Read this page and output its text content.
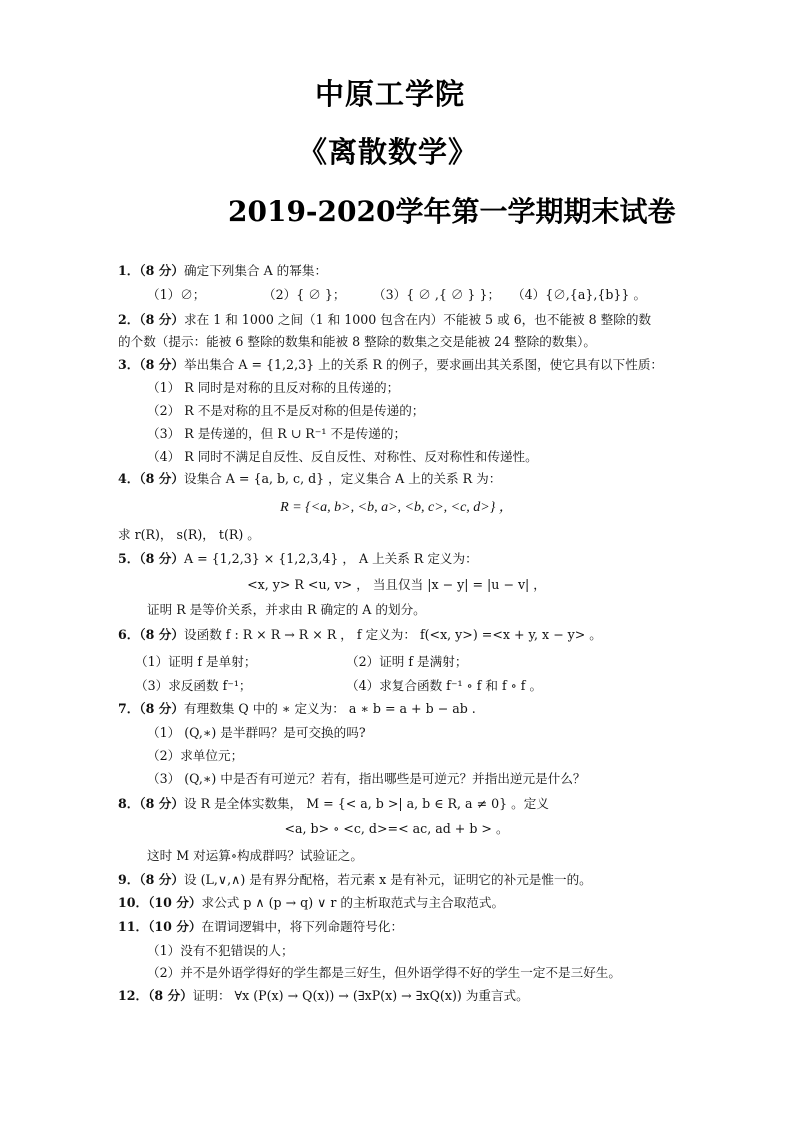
中原工学院
《离散数学》
2019-2020学年第一学期期末试卷
1．（8 分）确定下列集合 A 的幂集：
（1）∅；	（2）{ ∅ }； （3）{ ∅ ,{ ∅ } }； （4）{∅,{a},{b}} 。
2．（8 分）求在 1 和 1000 之间（1 和 1000 包含在内）不能被 5 或 6，也不能被 8 整除的数
的个数（提示：能被 6 整除的数集和能被 8 整除的数集之交是能被 24 整除的数集）。
3．（8 分）举出集合 A = {1,2,3} 上的关系 R 的例子，要求画出其关系图，使它具有以下性质：
（1） R 同时是对称的且反对称的且传递的；
（2） R 不是对称的且不是反对称的但是传递的；
（3） R 是传递的，但 R ∪ R⁻¹ 不是传递的；
（4） R 同时不满足自反性、反自反性、对称性、反对称性和传递性。
4．（8 分）设集合 A = {a, b, c, d} ，定义集合 A 上的关系 R 为：
R = {<a, b>, <b, a>, <b, c>, <c, d>} ，
求 r(R)， s(R)， t(R) 。
5．（8 分）A = {1,2,3} × {1,2,3,4} ， A 上关系 R 定义为：
<x, y> R <u, v> ， 当且仅当 |x − y| = |u − v| ，
证明 R 是等价关系，并求由 R 确定的 A 的划分。
6．（8 分）设函数 f : R × R → R × R ， f 定义为： f(<x, y>) =<x + y, x − y> 。
（1）证明 f 是单射；	（2）证明 f 是满射；
（3）求反函数 f⁻¹；	（4）求复合函数 f⁻¹ ∘ f 和 f ∘ f 。
7．（8 分）有理数集 Q 中的 ∗ 定义为： a ∗ b = a + b − ab .
（1） (Q,∗) 是半群吗？是可交换的吗?
（2）求单位元；
（3） (Q,∗) 中是否有可逆元？若有，指出哪些是可逆元？并指出逆元是什么？
8．（8 分）设 R 是全体实数集， M = {< a, b >| a, b ∈ R, a ≠ 0} 。定义
<a, b> ∘ <c, d>=< ac, ad + b > 。
这时 M 对运算∘构成群吗？试验证之。
9．（8 分）设 (L,∨,∧) 是有界分配格，若元素 x 是有补元，证明它的补元是惟一的。
10．（10 分）求公式 p ∧ (p → q) ∨ r 的主析取范式与主合取范式。
11．（10 分）在谓词逻辑中，将下列命题符号化：
（1）没有不犯错误的人；
（2）并不是外语学得好的学生都是三好生，但外语学得不好的学生一定不是三好生。
12．（8 分）证明： ∀x (P(x) → Q(x)) → (∃xP(x) → ∃xQ(x)) 为重言式。
